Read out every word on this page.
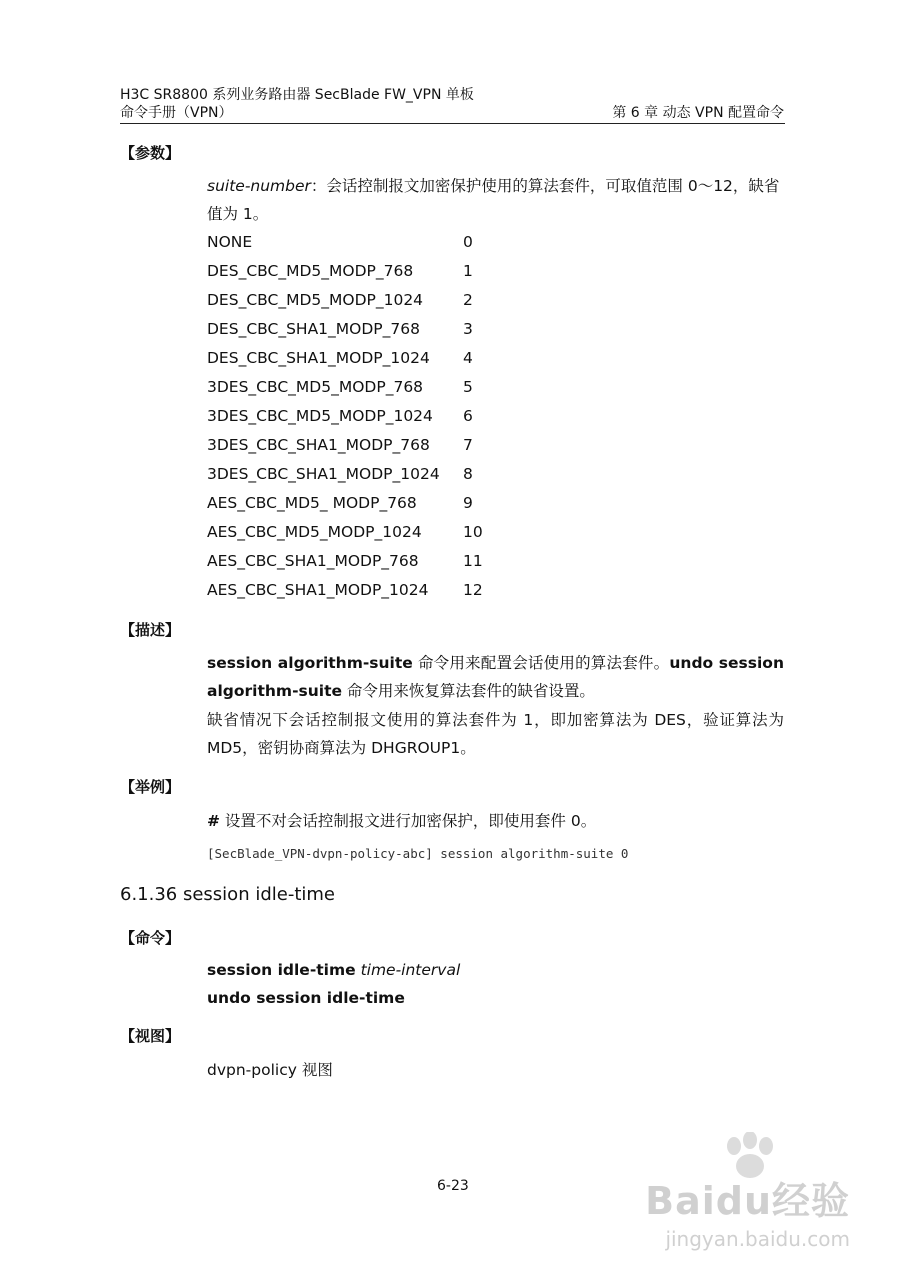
H3C SR8800 系列业务路由器 SecBlade FW_VPN 单板
命令手册（VPN）	第 6 章 动态 VPN 配置命令
【参数】
suite-number：会话控制报文加密保护使用的算法套件，可取值范围 0～12，缺省
值为 1。
NONE	0
DES_CBC_MD5_MODP_768	1
DES_CBC_MD5_MODP_1024	2
DES_CBC_SHA1_MODP_768	3
DES_CBC_SHA1_MODP_1024 4
3DES_CBC_MD5_MODP_768	5
3DES_CBC_MD5_MODP_1024 6
3DES_CBC_SHA1_MODP_768 7
3DES_CBC_SHA1_MODP_1024 8
AES_CBC_MD5_ MODP_768	9
AES_CBC_MD5_MODP_1024	10
AES_CBC_SHA1_MODP_768	11
AES_CBC_SHA1_MODP_1024 12
【描述】
session algorithm-suite 命令用来配置会话使用的算法套件。undo session algorithm-suite 命令用来恢复算法套件的缺省设置。
缺省情况下会话控制报文使用的算法套件为 1，即加密算法为 DES，验证算法为 MD5，密钥协商算法为 DHGROUP1。
【举例】
# 设置不对会话控制报文进行加密保护，即使用套件 0。
[SecBlade_VPN-dvpn-policy-abc] session algorithm-suite 0
6.1.36 session idle-time
【命令】
session idle-time time-interval
undo session idle-time
【视图】
dvpn-policy 视图
6-23	Baidu经验
jingyan.baidu.com
